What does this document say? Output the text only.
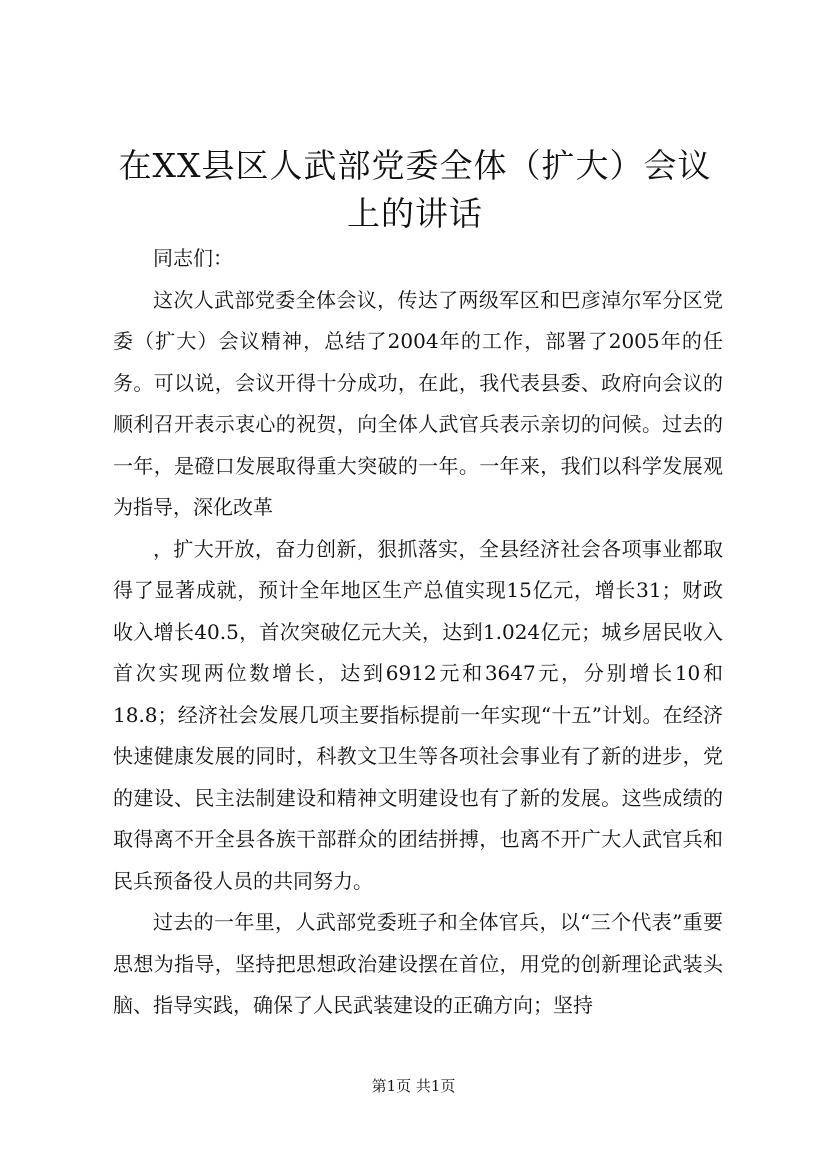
在XX县区人武部党委全体（扩大）会议上的讲话

同志们：

这次人武部党委全体会议，传达了两级军区和巴彦淖尔军分区党委（扩大）会议精神，总结了2004年的工作，部署了2005年的任务。可以说，会议开得十分成功，在此，我代表县委、政府向会议的顺利召开表示衷心的祝贺，向全体人武官兵表示亲切的问候。过去的一年，是磴口发展取得重大突破的一年。一年来，我们以科学发展观为指导，深化改革

，扩大开放，奋力创新，狠抓落实，全县经济社会各项事业都取得了显著成就，预计全年地区生产总值实现15亿元，增长31；财政收入增长40.5，首次突破亿元大关，达到1.024亿元；城乡居民收入首次实现两位数增长，达到6912元和3647元，分别增长10和18.8；经济社会发展几项主要指标提前一年实现“十五”计划。在经济快速健康发展的同时，科教文卫生等各项社会事业有了新的进步，党的建设、民主法制建设和精神文明建设也有了新的发展。这些成绩的取得离不开全县各族干部群众的团结拼搏，也离不开广大人武官兵和民兵预备役人员的共同努力。

过去的一年里，人武部党委班子和全体官兵，以“三个代表”重要思想为指导，坚持把思想政治建设摆在首位，用党的创新理论武装头脑、指导实践，确保了人民武装建设的正确方向；坚持

第1页 共1页
